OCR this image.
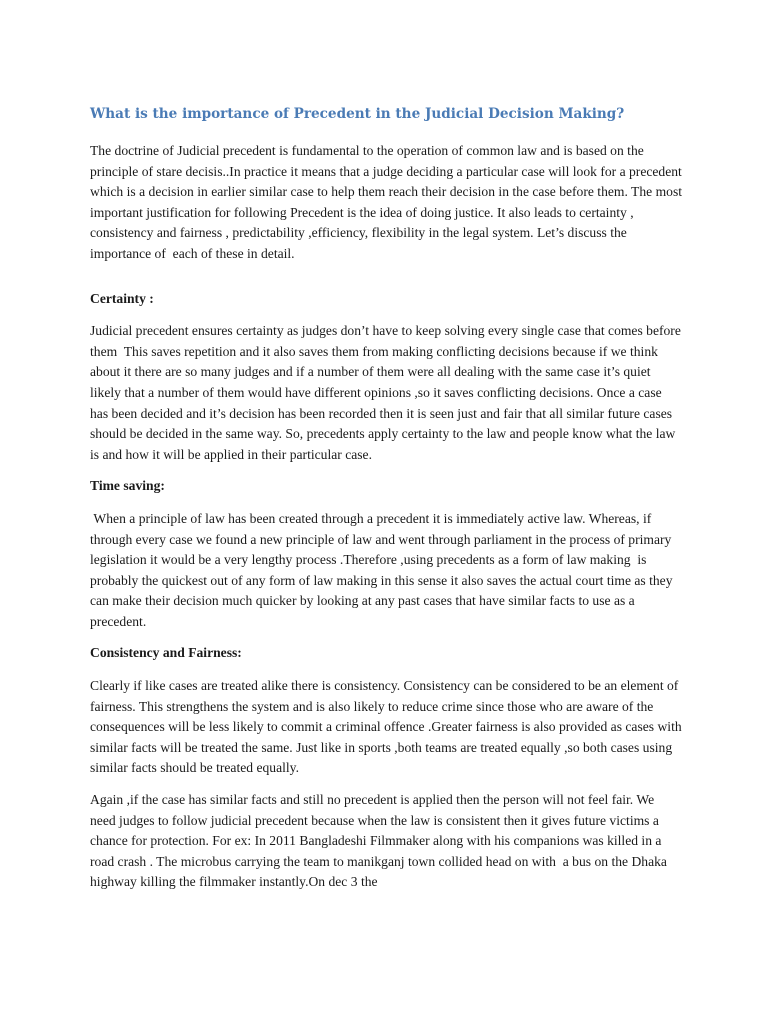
What is the importance of Precedent in the Judicial Decision Making?

The doctrine of Judicial precedent is fundamental to the operation of common law and is based on the principle of stare decisis..In practice it means that a judge deciding a particular case will look for a precedent which is a decision in earlier similar case to help them reach their decision in the case before them. The most important justification for following Precedent is the idea of doing justice. It also leads to certainty , consistency and fairness , predictability ,efficiency, flexibility in the legal system. Let’s discuss the importance of  each of these in detail.

Certainty :

Judicial precedent ensures certainty as judges don’t have to keep solving every single case that comes before them  This saves repetition and it also saves them from making conflicting decisions because if we think about it there are so many judges and if a number of them were all dealing with the same case it’s quiet likely that a number of them would have different opinions ,so it saves conflicting decisions. Once a case has been decided and it’s decision has been recorded then it is seen just and fair that all similar future cases should be decided in the same way. So, precedents apply certainty to the law and people know what the law is and how it will be applied in their particular case.

Time saving:

When a principle of law has been created through a precedent it is immediately active law. Whereas, if through every case we found a new principle of law and went through parliament in the process of primary legislation it would be a very lengthy process .Therefore ,using precedents as a form of law making  is probably the quickest out of any form of law making in this sense it also saves the actual court time as they can make their decision much quicker by looking at any past cases that have similar facts to use as a precedent.

Consistency and Fairness:

Clearly if like cases are treated alike there is consistency. Consistency can be considered to be an element of fairness. This strengthens the system and is also likely to reduce crime since those who are aware of the consequences will be less likely to commit a criminal offence .Greater fairness is also provided as cases with similar facts will be treated the same. Just like in sports ,both teams are treated equally ,so both cases using similar facts should be treated equally.

Again ,if the case has similar facts and still no precedent is applied then the person will not feel fair. We need judges to follow judicial precedent because when the law is consistent then it gives future victims a chance for protection. For ex: In 2011 Bangladeshi Filmmaker along with his companions was killed in a road crash . The microbus carrying the team to manikganj town collided head on with  a bus on the Dhaka highway killing the filmmaker instantly.On dec 3 the
